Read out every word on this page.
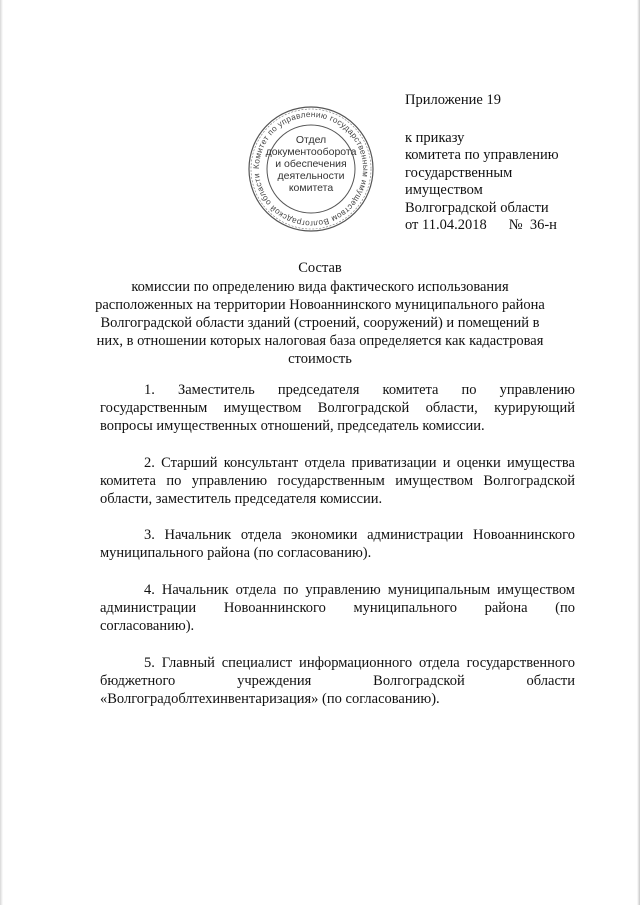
Комитет по управлению государственным имуществом Волгоградской области
Отдел
документооборота
и обеспечения
деятельности
комитета
Приложение 19
к приказу
комитета по управлению
государственным
имуществом
Волгоградской области
от 11.04.2018 №  36-н
Состав
комиссии по определению вида фактического использования
расположенных на территории Новоаннинского муниципального района
Волгоградской области зданий (строений, сооружений) и помещений в
них, в отношении которых налоговая база определяется как кадастровая
стоимость

1. Заместитель председателя комитета по управлению государственным имуществом Волгоградской области, курирующий вопросы имущественных отношений, председатель комиссии.

2. Старший консультант отдела приватизации и оценки имущества комитета по управлению государственным имуществом Волгоградской области, заместитель председателя комиссии.

3. Начальник отдела экономики администрации Новоаннинского муниципального района (по согласованию).

4. Начальник отдела по управлению муниципальным имуществом администрации Новоаннинского муниципального района (по согласованию).

5. Главный специалист информационного отдела государственного бюджетного учреждения Волгоградской области «Волгоградоблтехинвентаризация» (по согласованию).
